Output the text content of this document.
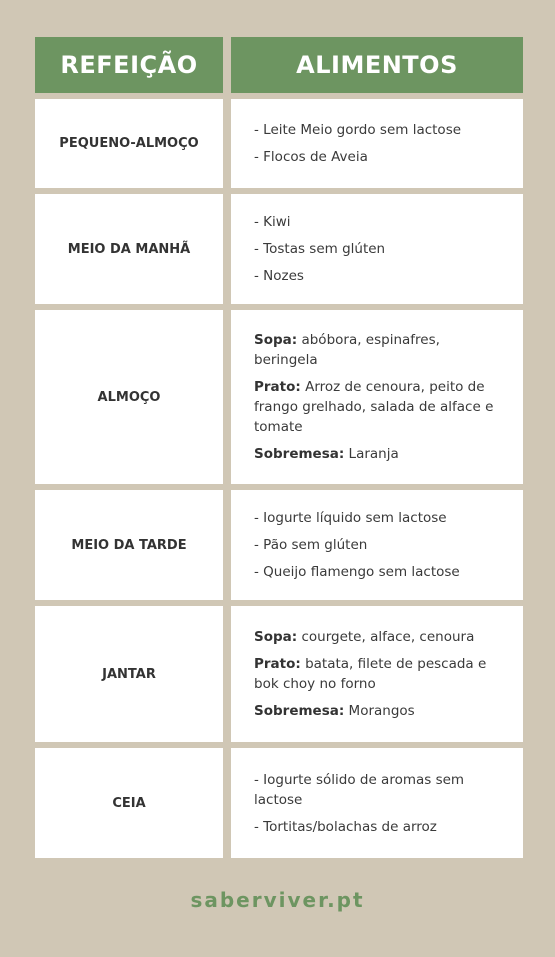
REFEIÇÃO	ALIMENTOS
PEQUENO-ALMOÇO
- Leite Meio gordo sem lactose
- Flocos de Aveia
MEIO DA MANHÃ
- Kiwi
- Tostas sem glúten
- Nozes
ALMOÇO
Sopa: abóbora, espinafres, beringela
Prato: Arroz de cenoura, peito de frango grelhado, salada de alface e tomate
Sobremesa: Laranja
MEIO DA TARDE
- Iogurte líquido sem lactose
- Pão sem glúten
- Queijo flamengo sem lactose
JANTAR
Sopa: courgete, alface, cenoura
Prato: batata, filete de pescada e bok choy no forno
Sobremesa: Morangos
CEIA
- Iogurte sólido de aromas sem lactose
- Tortitas/bolachas de arroz
saberviver.pt
